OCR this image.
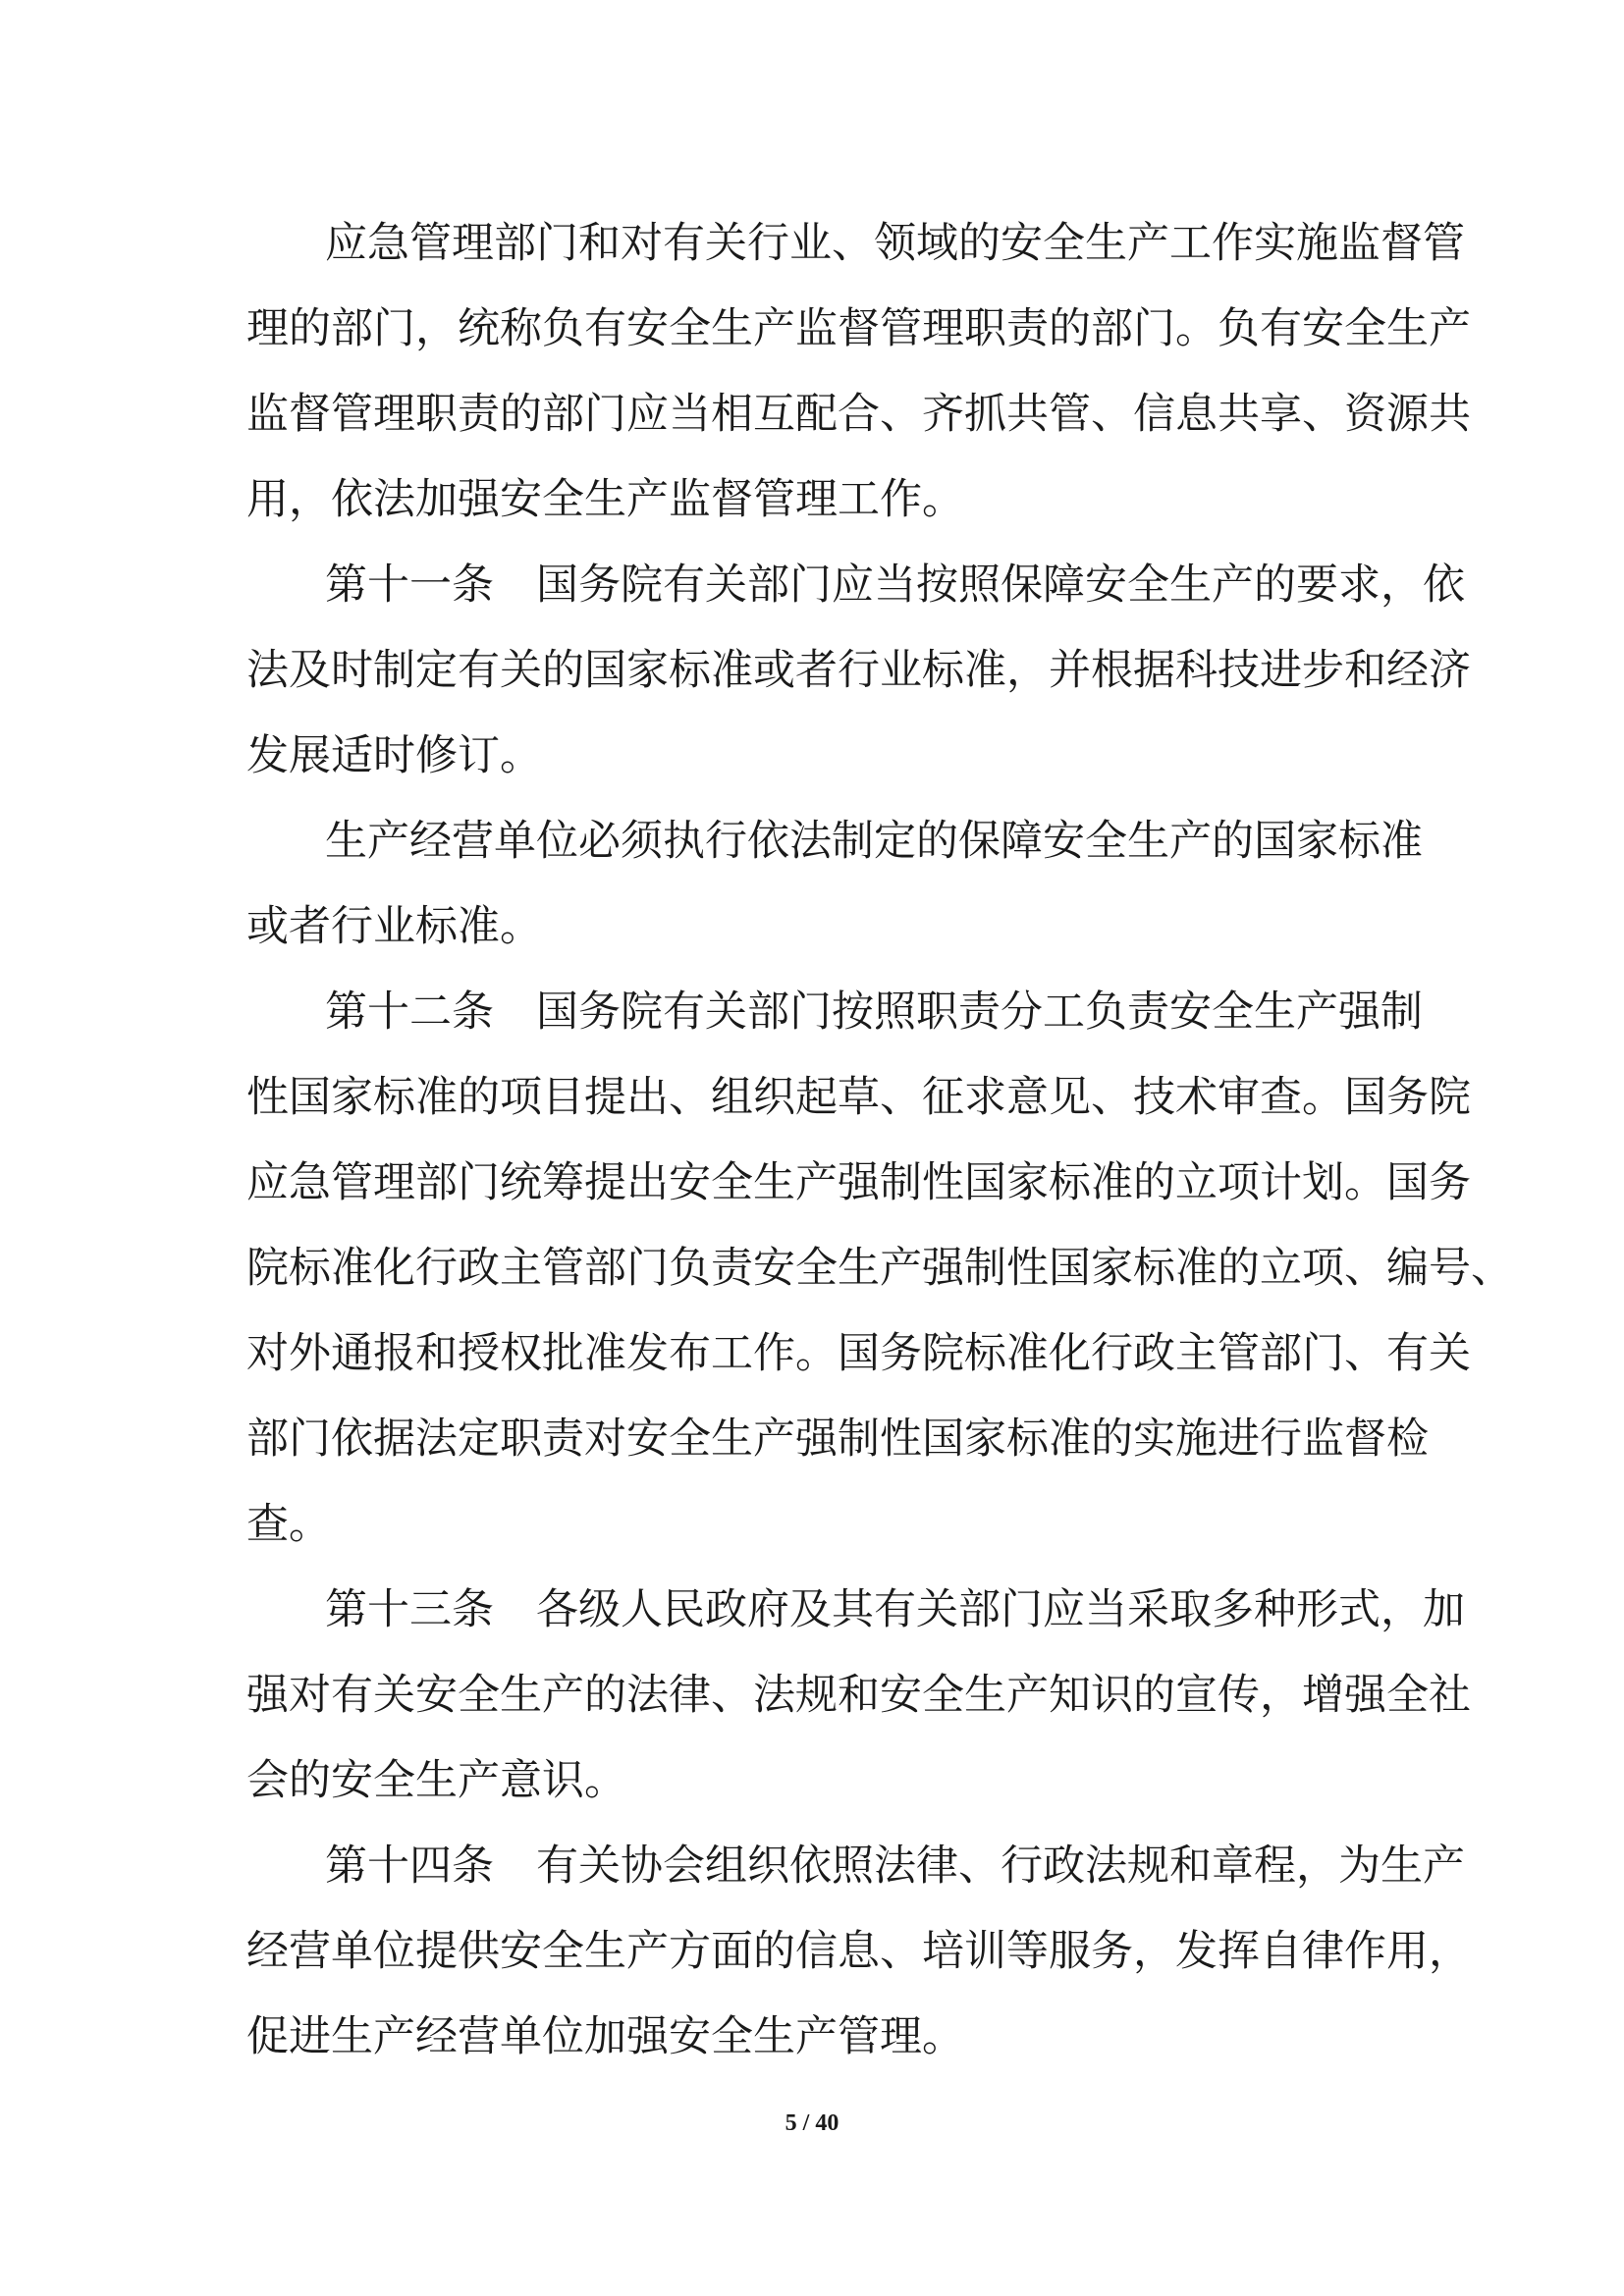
应急管理部门和对有关行业、领域的安全生产工作实施监督管
理的部门，统称负有安全生产监督管理职责的部门。负有安全生产
监督管理职责的部门应当相互配合、齐抓共管、信息共享、资源共
用，依法加强安全生产监督管理工作。
第十一条　国务院有关部门应当按照保障安全生产的要求，依
法及时制定有关的国家标准或者行业标准，并根据科技进步和经济
发展适时修订。
生产经营单位必须执行依法制定的保障安全生产的国家标准
或者行业标准。
第十二条　国务院有关部门按照职责分工负责安全生产强制
性国家标准的项目提出、组织起草、征求意见、技术审查。国务院
应急管理部门统筹提出安全生产强制性国家标准的立项计划。国务
院标准化行政主管部门负责安全生产强制性国家标准的立项、编号、
对外通报和授权批准发布工作。国务院标准化行政主管部门、有关
部门依据法定职责对安全生产强制性国家标准的实施进行监督检
查。
第十三条　各级人民政府及其有关部门应当采取多种形式，加
强对有关安全生产的法律、法规和安全生产知识的宣传，增强全社
会的安全生产意识。
第十四条　有关协会组织依照法律、行政法规和章程，为生产
经营单位提供安全生产方面的信息、培训等服务，发挥自律作用，
促进生产经营单位加强安全生产管理。
5 / 40
